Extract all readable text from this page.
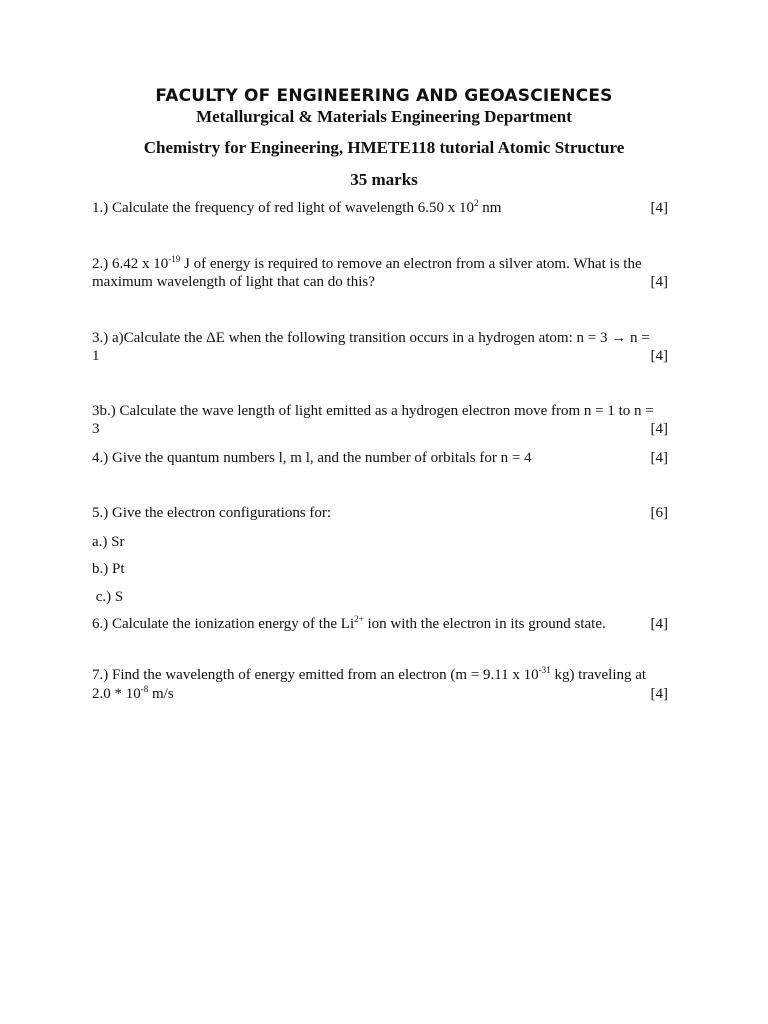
FACULTY OF ENGINEERING AND GEOASCIENCES
Metallurgical & Materials Engineering Department
Chemistry for Engineering, HMETE118 tutorial Atomic Structure
35 marks
1.) Calculate the frequency of red light of wavelength 6.50 x $10^2$ nm	[4]
2.) 6.42 x $10^{-19}$ J of energy is required to remove an electron from a silver atom. What is the
maximum wavelength of light that can do this?	[4]
3.) a)Calculate the ΔE when the following transition occurs in a hydrogen atom: n = 3 → n =
1	[4]
3b.) Calculate the wave length of light emitted as a hydrogen electron move from n = 1 to n =
3	[4]
4.) Give the quantum numbers l, m l, and the number of orbitals for n = 4	[4]
5.) Give the electron configurations for:	[6]
a.) Sr
b.) Pt
c.) S
6.) Calculate the ionization energy of the $Li^{2+}$ ion with the electron in its ground state.	[4]
7.) Find the wavelength of energy emitted from an electron (m = 9.11 x $10^{-31}$ kg) traveling at
$2.0 * 10^{-8}$ m/s	[4]
